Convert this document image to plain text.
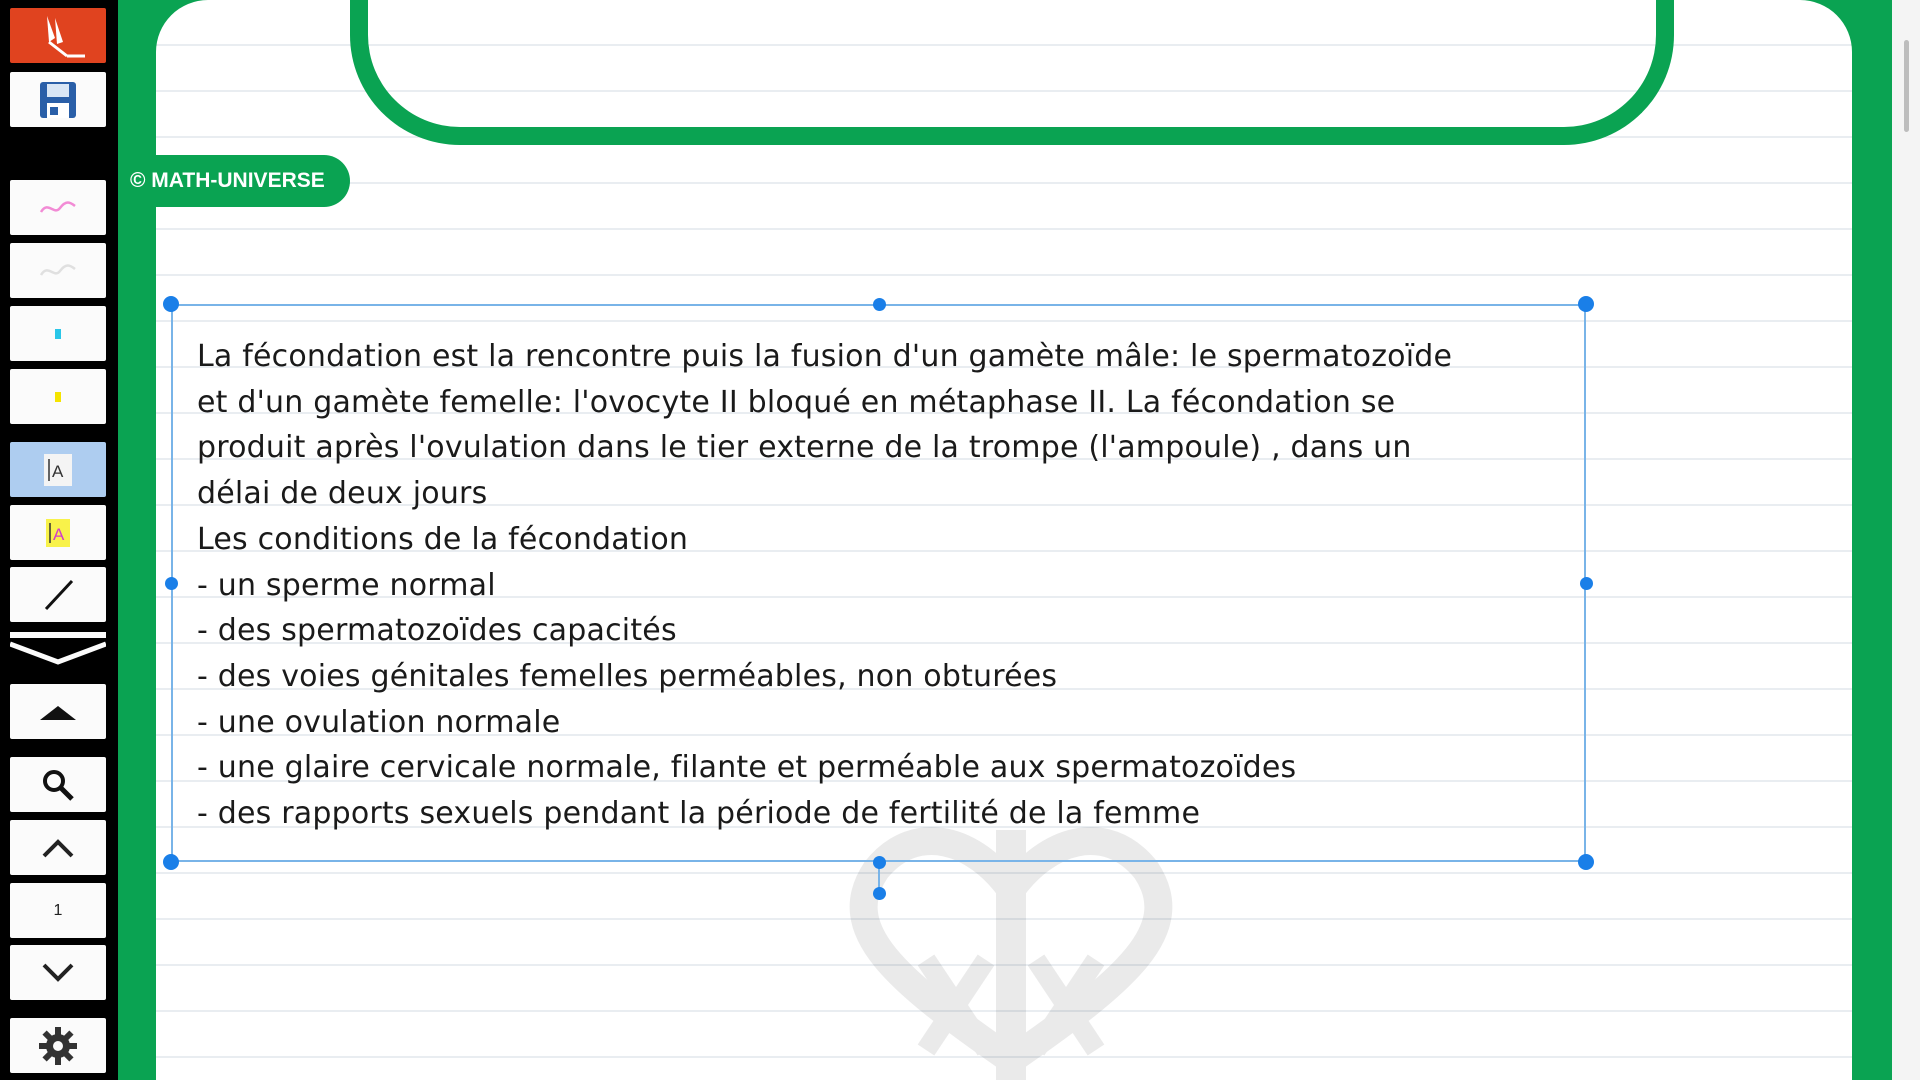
A
A
1
© MATH-UNIVERSE
La fécondation est la rencontre puis la fusion d'un gamète mâle: le spermatozoïde
et d'un gamète femelle: l'ovocyte II bloqué en métaphase II. La fécondation se
produit après l'ovulation dans le tier externe de la trompe (l'ampoule) , dans un
délai de deux jours
Les conditions de la fécondation
- un sperme normal
- des spermatozoïdes capacités
- des voies génitales femelles perméables, non obturées
- une ovulation normale
- une glaire cervicale normale, filante et perméable aux spermatozoïdes
- des rapports sexuels pendant la période de fertilité de la femme
